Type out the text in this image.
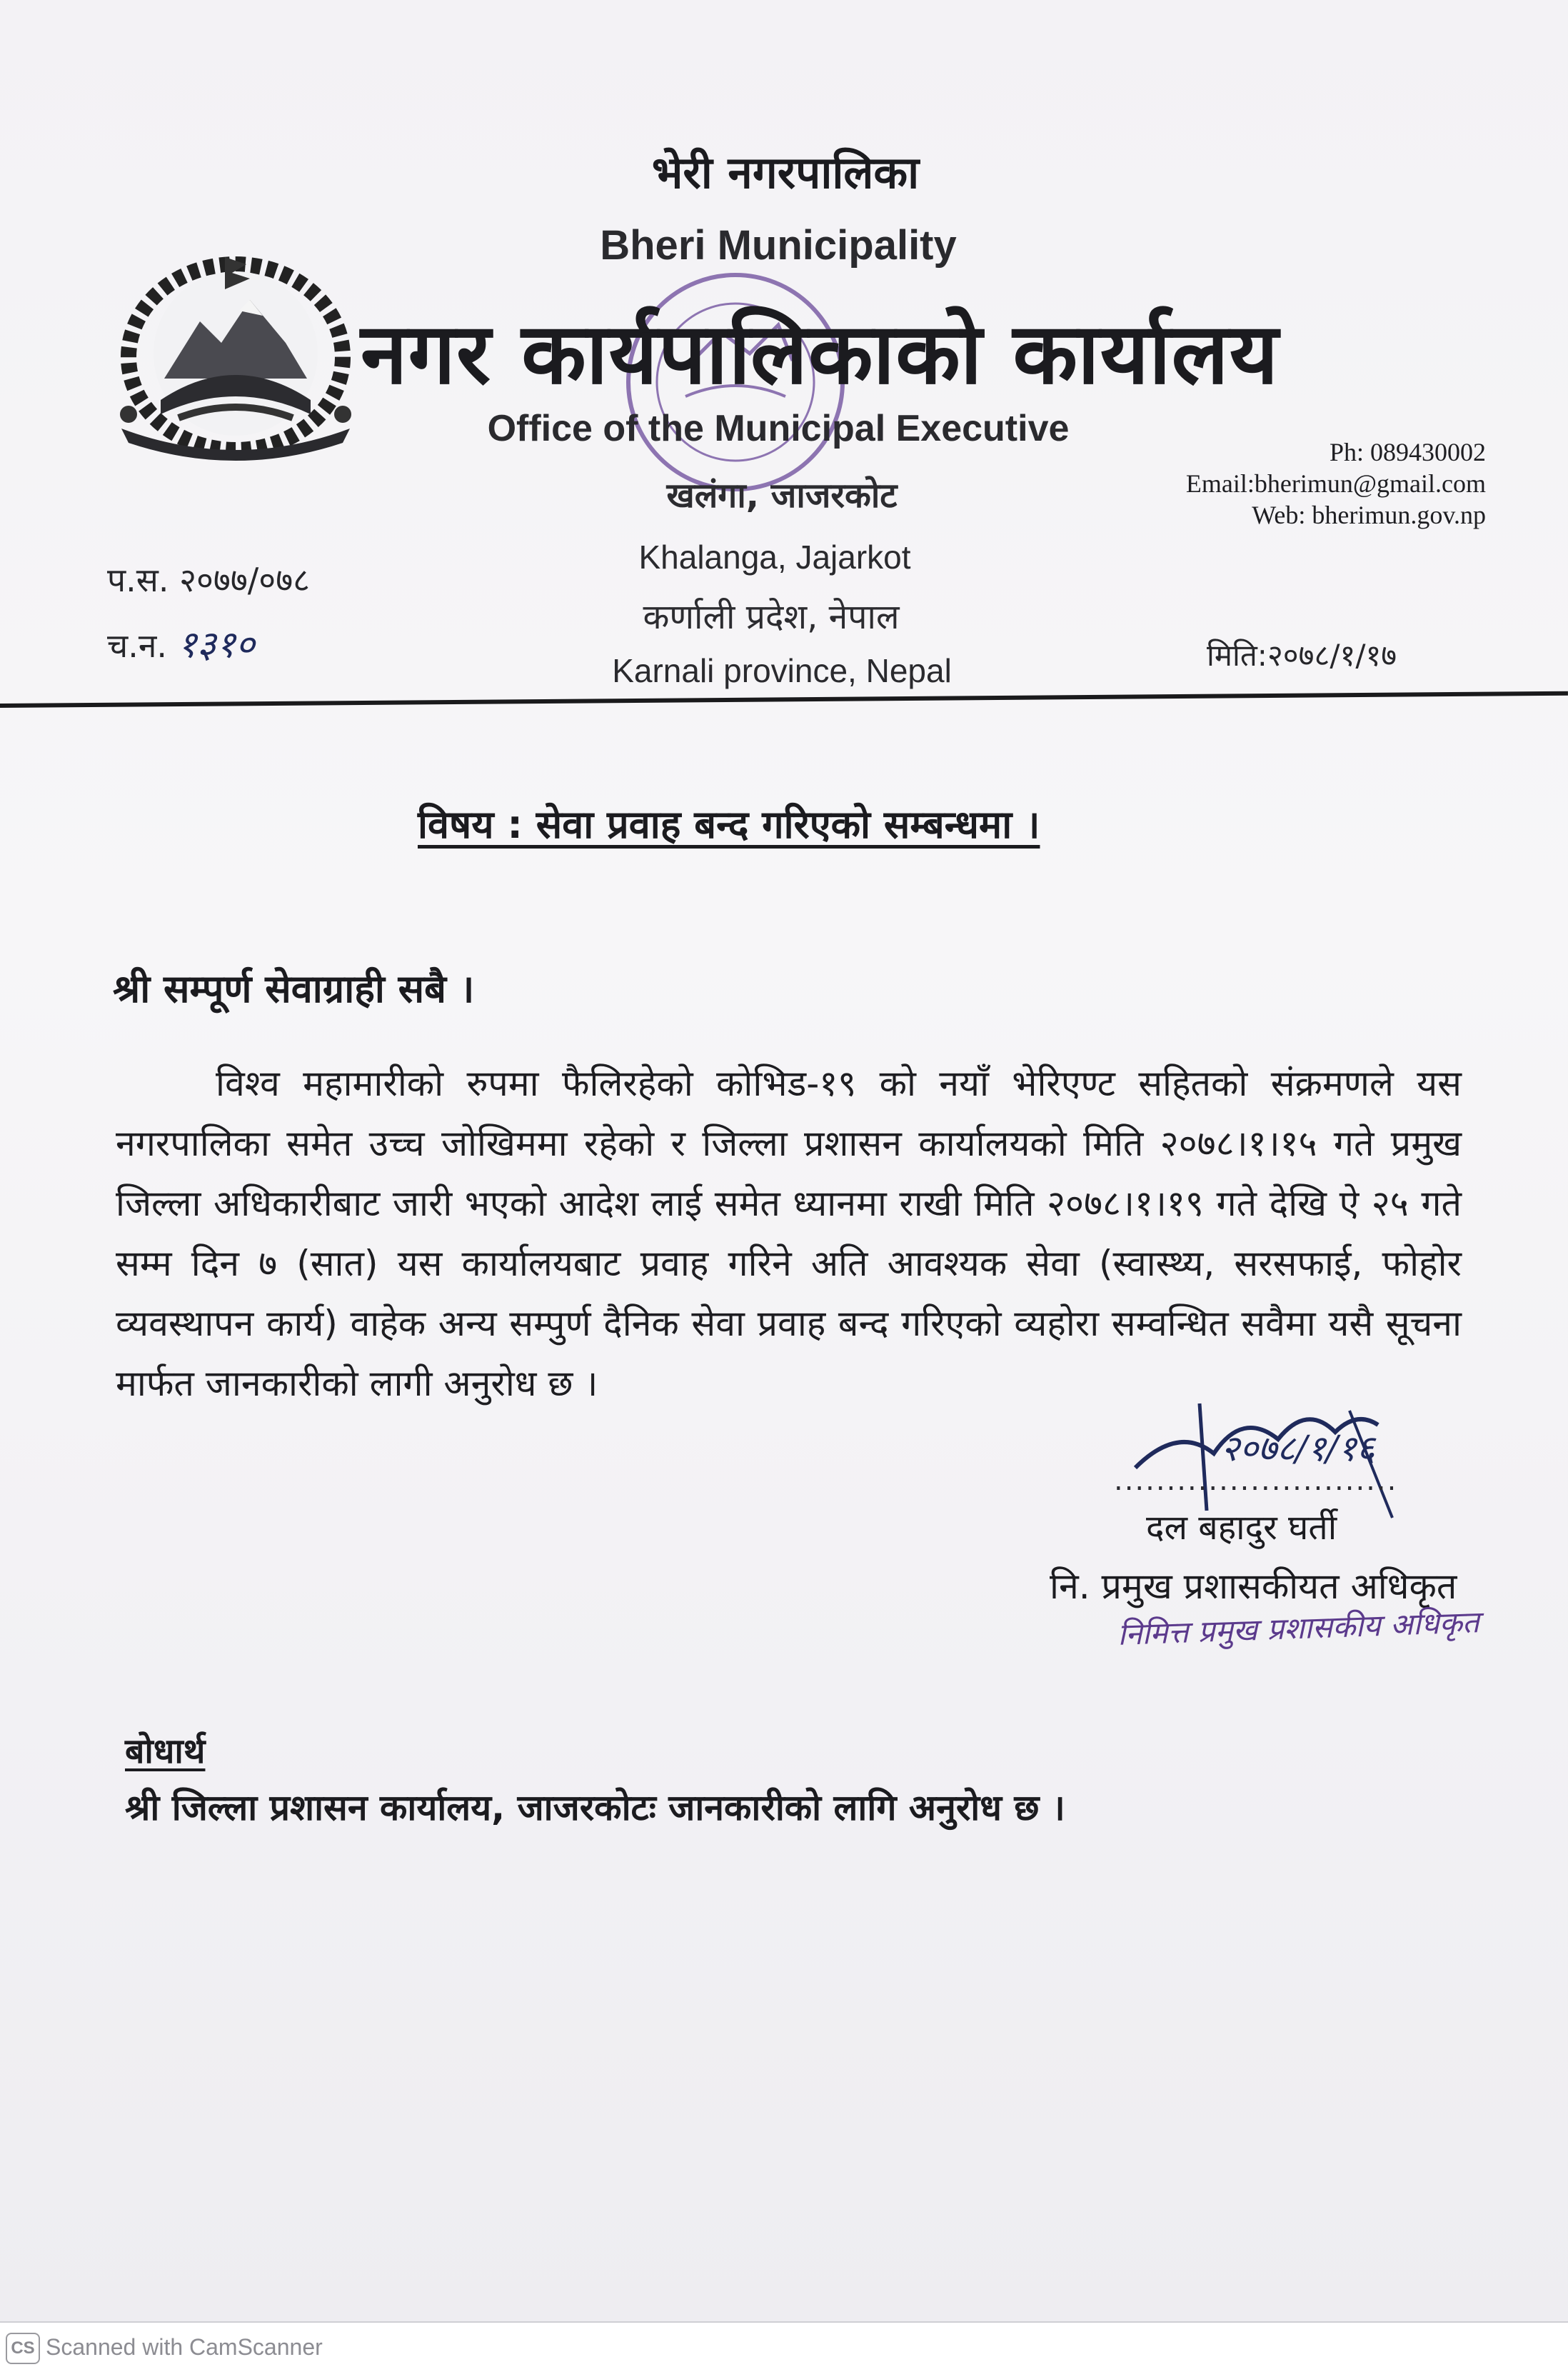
भेरी नगरपालिका
Bheri Municipality
नगर कार्यपालिकाको कार्यालय
Office of the Municipal Executive
खलंगा, जाजरकोट
Khalanga, Jajarkot
कर्णाली प्रदेश, नेपाल
Karnali province, Nepal
Ph: 089430002
Email:bherimun@gmail.com
Web: bherimun.gov.np
प.स. २०७७/०७८
च.न. १३१०	मिति:२०७८/१/१७
विषय : सेवा प्रवाह बन्द गरिएको सम्बन्धमा ।
श्री सम्पूर्ण सेवाग्राही सबै ।
विश्व महामारीको रुपमा फैलिरहेको कोभिड-१९ को नयाँ भेरिएण्ट सहितको संक्रमणले यस नगरपालिका समेत उच्च जोखिममा रहेको र जिल्ला प्रशासन कार्यालयको मिति २०७८।१।१५ गते प्रमुख जिल्ला अधिकारीबाट जारी भएको आदेश लाई समेत ध्यानमा राखी मिति २०७८।१।१९ गते देखि ऐ २५ गते सम्म दिन ७ (सात) यस कार्यालयबाट प्रवाह गरिने अति आवश्यक सेवा (स्वास्थ्य, सरसफाई, फोहोर व्यवस्थापन कार्य) वाहेक अन्य सम्पुर्ण दैनिक सेवा प्रवाह बन्द गरिएको व्यहोरा सम्वन्धित सवैमा यसै सूचना मार्फत जानकारीको लागी अनुरोध छ ।
२०७८/१/१६
...........................
दल बहादुर घर्ती
नि. प्रमुख प्रशासकीयत अधिकृत
निमित्त प्रमुख प्रशासकीय अधिकृत
बोधार्थ
श्री जिल्ला प्रशासन कार्यालय, जाजरकोटः जानकारीको लागि अनुरोध छ ।
CS Scanned with CamScanner
